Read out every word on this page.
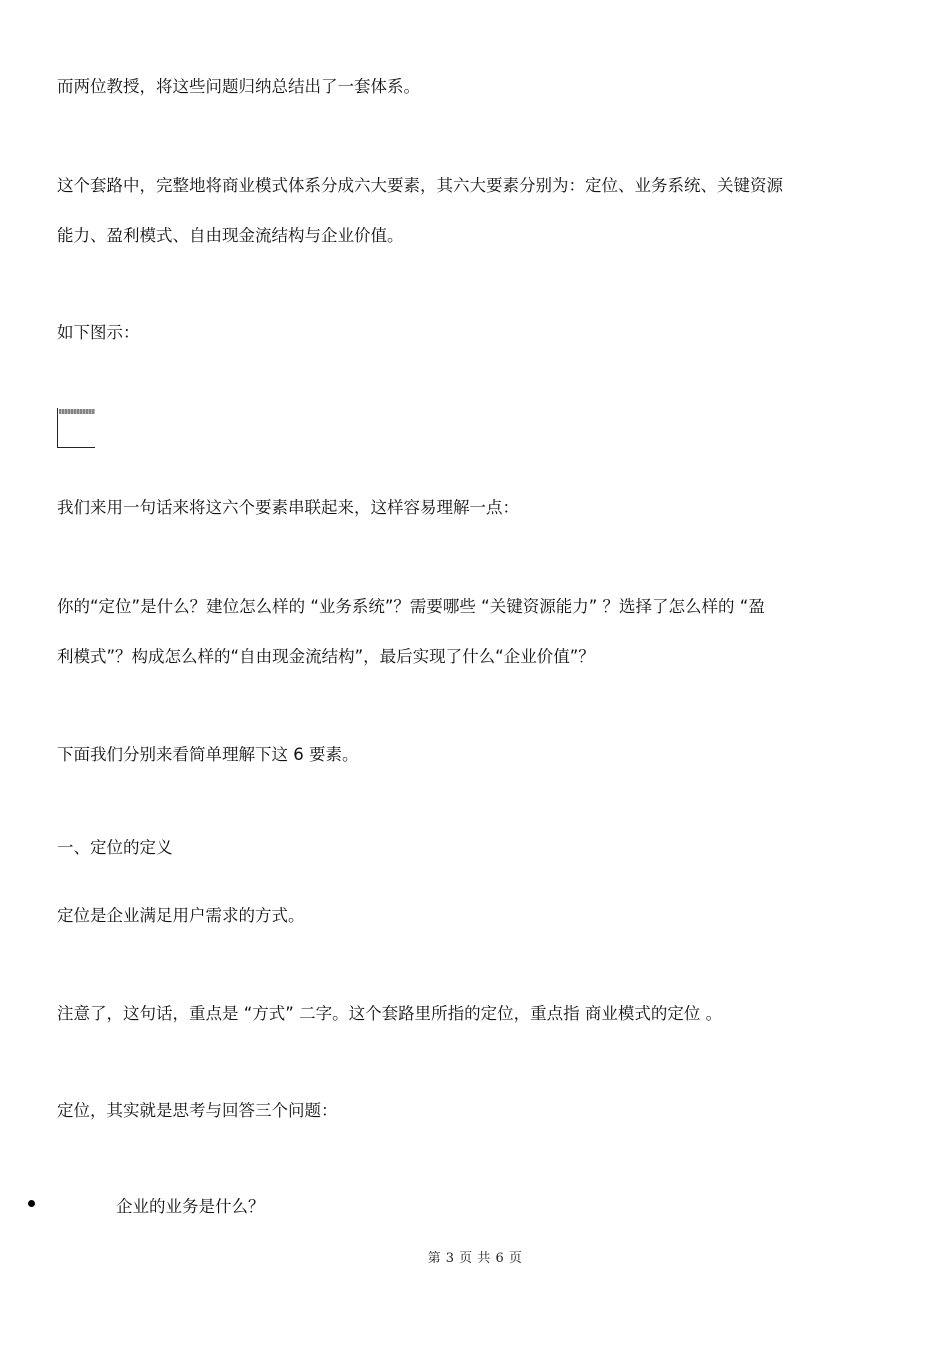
而两位教授，将这些问题归纳总结出了一套体系。
这个套路中，完整地将商业模式体系分成六大要素，其六大要素分别为：定位、业务系统、关键资源
能力、盈利模式、自由现金流结构与企业价值。
如下图示：
我们来用一句话来将这六个要素串联起来，这样容易理解一点：
你的“定位”是什么？建位怎么样的 “业务系统”？需要哪些 “关键资源能力” ？选择了怎么样的 “盈
利模式”？构成怎么样的“自由现金流结构”，最后实现了什么“企业价值”？
下面我们分别来看简单理解下这 6 要素。
一、定位的定义
定位是企业满足用户需求的方式。
注意了，这句话，重点是 “方式” 二字。这个套路里所指的定位，重点指 商业模式的定位 。
定位，其实就是思考与回答三个问题：
企业的业务是什么？
第 3 页 共 6 页
